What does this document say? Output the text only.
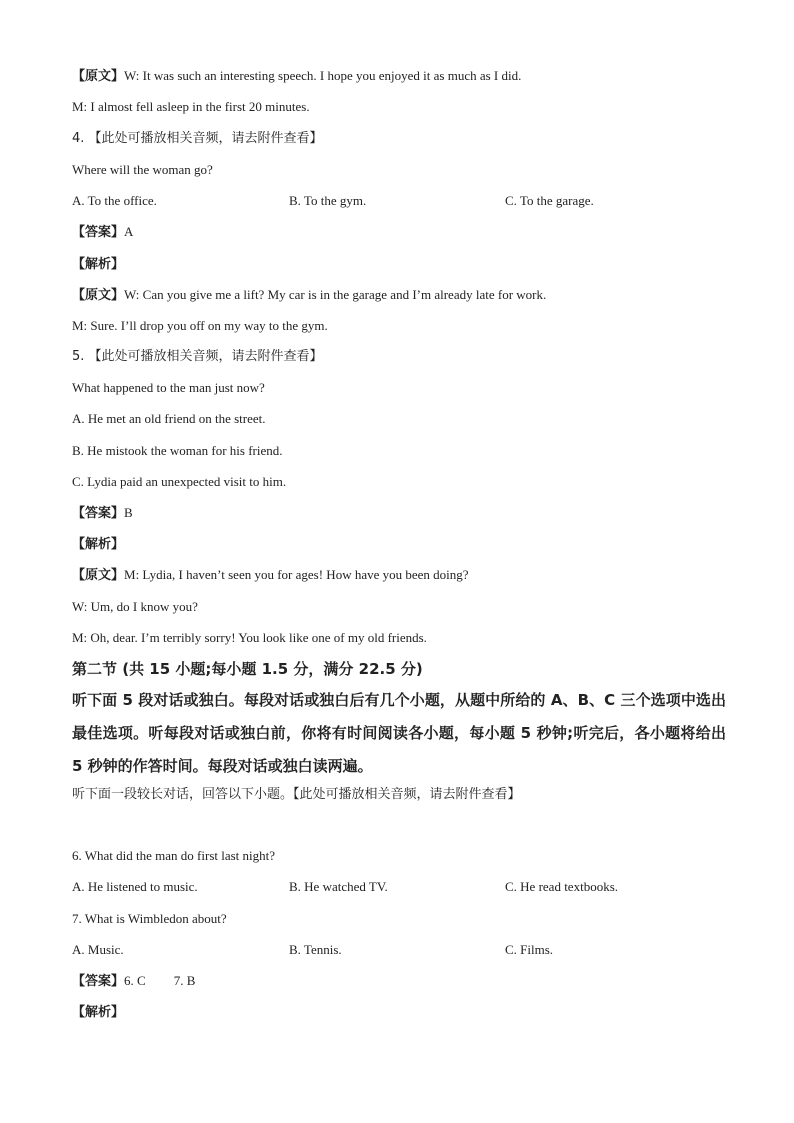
【原文】W: It was such an interesting speech. I hope you enjoyed it as much as I did.
M: I almost fell asleep in the first 20 minutes.
4. 【此处可播放相关音频，请去附件查看】
Where will the woman go?
A. To the office.	B. To the gym.	C. To the garage.
【答案】A
【解析】
【原文】W: Can you give me a lift? My car is in the garage and I’m already late for work.
M: Sure. I’ll drop you off on my way to the gym.
5. 【此处可播放相关音频，请去附件查看】
What happened to the man just now?
A. He met an old friend on the street.
B. He mistook the woman for his friend.
C. Lydia paid an unexpected visit to him.
【答案】B
【解析】
【原文】M: Lydia, I haven’t seen you for ages! How have you been doing?
W: Um, do I know you?
M: Oh, dear. I’m terribly sorry! You look like one of my old friends.
第二节 (共 15 小题;每小题 1.5 分，满分 22.5 分)
听下面 5 段对话或独白。每段对话或独白后有几个小题，从题中所给的 A、B、C 三个选项中选出最佳选项。听每段对话或独白前，你将有时间阅读各小题，每小题 5 秒钟;听完后，各小题将给出 5 秒钟的作答时间。每段对话或独白读两遍。
听下面一段较长对话，回答以下小题。【此处可播放相关音频，请去附件查看】
6. What did the man do first last night?
A. He listened to music.	B. He watched TV.	C. He read textbooks.
7. What is Wimbledon about?
A. Music.	B. Tennis.	C. Films.
【答案】6. C 7. B
【解析】
